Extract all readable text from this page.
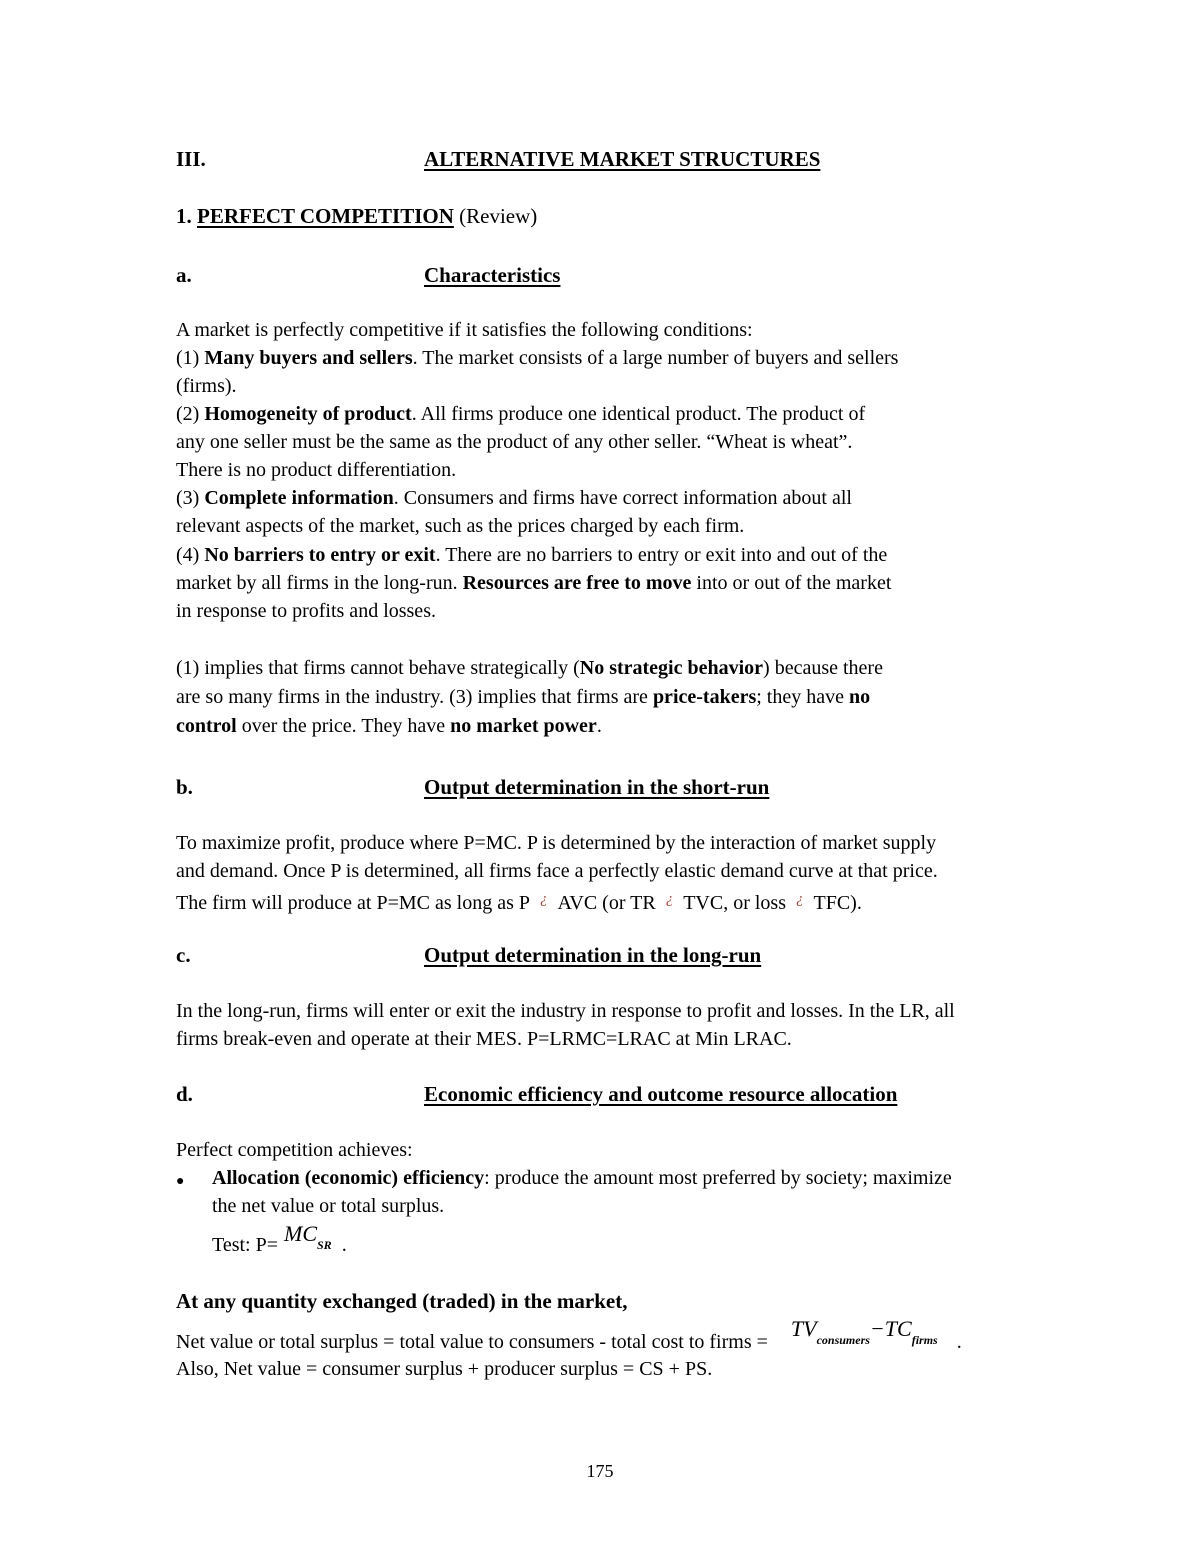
III.	ALTERNATIVE MARKET STRUCTURES
1. PERFECT COMPETITION (Review)
a.	Characteristics
A market is perfectly competitive if it satisfies the following conditions:
(1) Many buyers and sellers. The market consists of a large number of buyers and sellers
(firms).
(2) Homogeneity of product. All firms produce one identical product. The product of
any one seller must be the same as the product of any other seller. “Wheat is wheat”.
There is no product differentiation.
(3) Complete information. Consumers and firms have correct information about all
relevant aspects of the market, such as the prices charged by each firm.
(4) No barriers to entry or exit. There are no barriers to entry or exit into and out of the
market by all firms in the long-run. Resources are free to move into or out of the market
in response to profits and losses.
(1) implies that firms cannot behave strategically (No strategic behavior) because there
are so many firms in the industry. (3) implies that firms are price-takers; they have no
control over the price. They have no market power.
b.	Output determination in the short-run
To maximize profit, produce where P=MC. P is determined by the interaction of market supply
and demand. Once P is determined, all firms face a perfectly elastic demand curve at that price.
The firm will produce at P=MC as long as P ¿ AVC (or TR ¿ TVC, or loss ¿ TFC).
c.	Output determination in the long-run
In the long-run, firms will enter or exit the industry in response to profit and losses. In the LR, all
firms break-even and operate at their MES. P=LRMC=LRAC at Min LRAC.
d.	Economic efficiency and outcome resource allocation
Perfect competition achieves:
● Allocation (economic) efficiency: produce the amount most preferred by society; maximize
the net value or total surplus.
Test: P= MCSR .
At any quantity exchanged (traded) in the market,
Net value or total surplus = total value to consumers - total cost to firms = $TV_{consumers}-TC_{firms}$ .
Also, Net value = consumer surplus + producer surplus = CS + PS.
175
